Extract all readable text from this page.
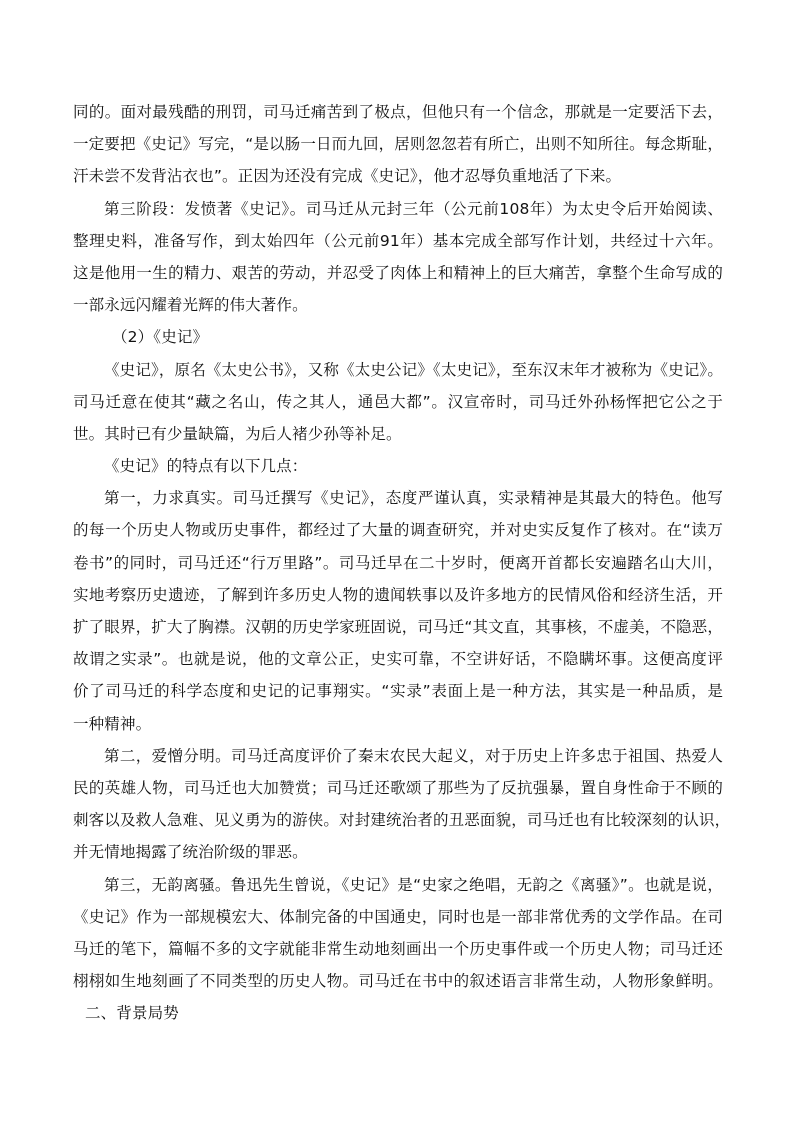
同的。面对最残酷的刑罚，司马迁痛苦到了极点，但他只有一个信念，那就是一定要活下去，
一定要把《史记》写完，“是以肠一日而九回，居则忽忽若有所亡，出则不知所往。每念斯耻，
汗未尝不发背沾衣也”。正因为还没有完成《史记》，他才忍辱负重地活了下来。
第三阶段：发愤著《史记》。司马迁从元封三年（公元前108年）为太史令后开始阅读、
整理史料，准备写作，到太始四年（公元前91年）基本完成全部写作计划，共经过十六年。
这是他用一生的精力、艰苦的劳动，并忍受了肉体上和精神上的巨大痛苦，拿整个生命写成的
一部永远闪耀着光辉的伟大著作。
（2）《史记》
《史记》，原名《太史公书》，又称《太史公记》《太史记》，至东汉末年才被称为《史记》。
司马迁意在使其“藏之名山，传之其人，通邑大都”。汉宣帝时，司马迁外孙杨恽把它公之于
世。其时已有少量缺篇，为后人褚少孙等补足。
《史记》的特点有以下几点：
第一，力求真实。司马迁撰写《史记》，态度严谨认真，实录精神是其最大的特色。他写
的每一个历史人物或历史事件，都经过了大量的调查研究，并对史实反复作了核对。在“读万
卷书”的同时，司马迁还“行万里路”。司马迁早在二十岁时，便离开首都长安遍踏名山大川，
实地考察历史遗迹，了解到许多历史人物的遗闻轶事以及许多地方的民情风俗和经济生活，开
扩了眼界，扩大了胸襟。汉朝的历史学家班固说，司马迁“其文直，其事核，不虚美，不隐恶，
故谓之实录”。也就是说，他的文章公正，史实可靠，不空讲好话，不隐瞒坏事。这便高度评
价了司马迁的科学态度和史记的记事翔实。“实录”表面上是一种方法，其实是一种品质，是
一种精神。
第二，爱憎分明。司马迁高度评价了秦末农民大起义，对于历史上许多忠于祖国、热爱人
民的英雄人物，司马迁也大加赞赏；司马迁还歌颂了那些为了反抗强暴，置自身性命于不顾的
刺客以及救人急难、见义勇为的游侠。对封建统治者的丑恶面貌，司马迁也有比较深刻的认识，
并无情地揭露了统治阶级的罪恶。
第三，无韵离骚。鲁迅先生曾说，《史记》是“史家之绝唱，无韵之《离骚》”。也就是说，
《史记》作为一部规模宏大、体制完备的中国通史，同时也是一部非常优秀的文学作品。在司
马迁的笔下，篇幅不多的文字就能非常生动地刻画出一个历史事件或一个历史人物；司马迁还
栩栩如生地刻画了不同类型的历史人物。司马迁在书中的叙述语言非常生动，人物形象鲜明。
二、背景局势
